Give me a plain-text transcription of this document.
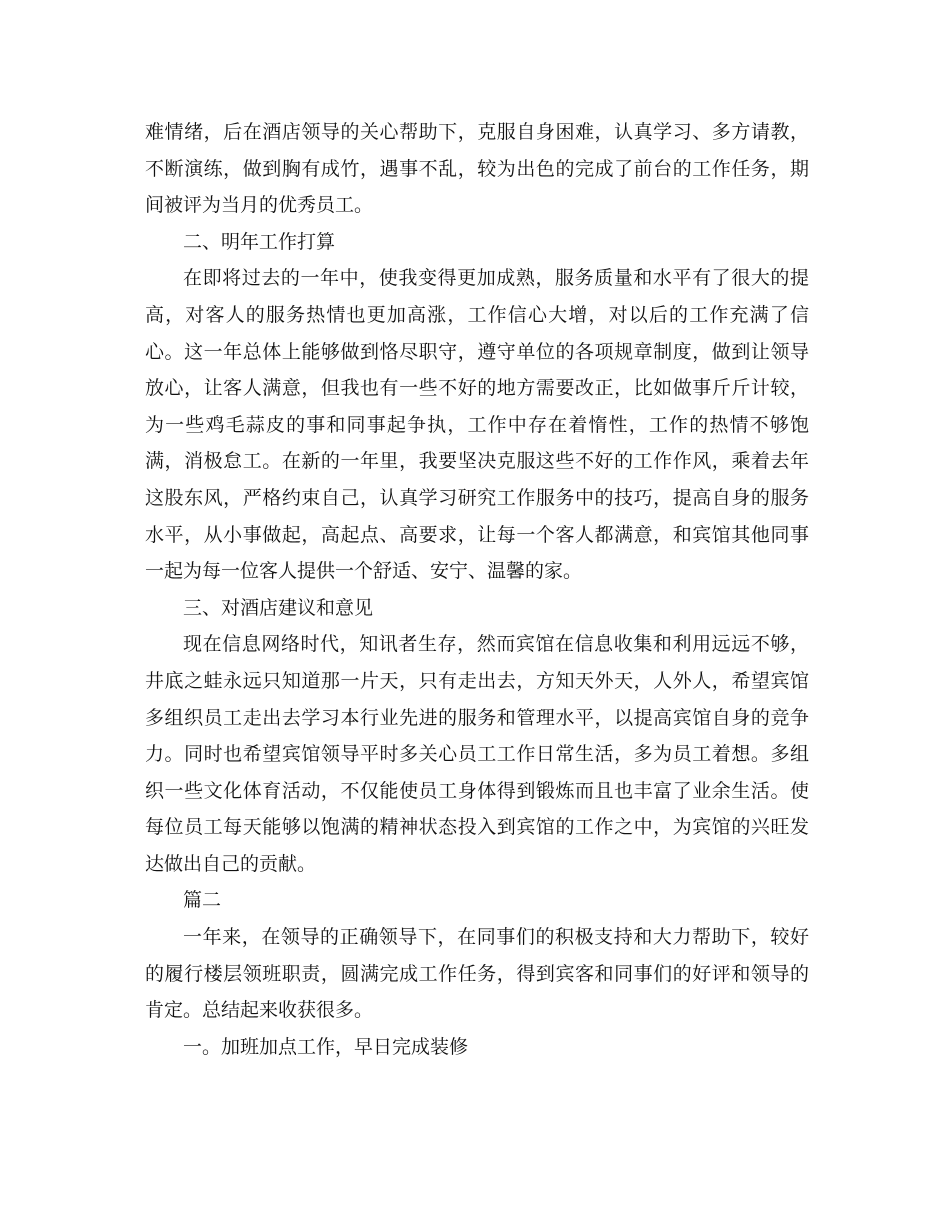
难情绪，后在酒店领导的关心帮助下，克服自身困难，认真学习、多方请教，不断演练，做到胸有成竹，遇事不乱，较为出色的完成了前台的工作任务，期间被评为当月的优秀员工。

二、明年工作打算

在即将过去的一年中，使我变得更加成熟，服务质量和水平有了很大的提高，对客人的服务热情也更加高涨，工作信心大增，对以后的工作充满了信心。这一年总体上能够做到恪尽职守，遵守单位的各项规章制度，做到让领导放心，让客人满意，但我也有一些不好的地方需要改正，比如做事斤斤计较，为一些鸡毛蒜皮的事和同事起争执，工作中存在着惰性，工作的热情不够饱满，消极怠工。在新的一年里，我要坚决克服这些不好的工作作风，乘着去年这股东风，严格约束自己，认真学习研究工作服务中的技巧，提高自身的服务水平，从小事做起，高起点、高要求，让每一个客人都满意，和宾馆其他同事一起为每一位客人提供一个舒适、安宁、温馨的家。

三、对酒店建议和意见

现在信息网络时代，知讯者生存，然而宾馆在信息收集和利用远远不够，井底之蛙永远只知道那一片天，只有走出去，方知天外天，人外人，希望宾馆多组织员工走出去学习本行业先进的服务和管理水平，以提高宾馆自身的竞争力。同时也希望宾馆领导平时多关心员工工作日常生活，多为员工着想。多组织一些文化体育活动，不仅能使员工身体得到锻炼而且也丰富了业余生活。使每位员工每天能够以饱满的精神状态投入到宾馆的工作之中，为宾馆的兴旺发达做出自己的贡献。

篇二

一年来，在领导的正确领导下，在同事们的积极支持和大力帮助下，较好的履行楼层领班职责，圆满完成工作任务，得到宾客和同事们的好评和领导的肯定。总结起来收获很多。

一。加班加点工作，早日完成装修
